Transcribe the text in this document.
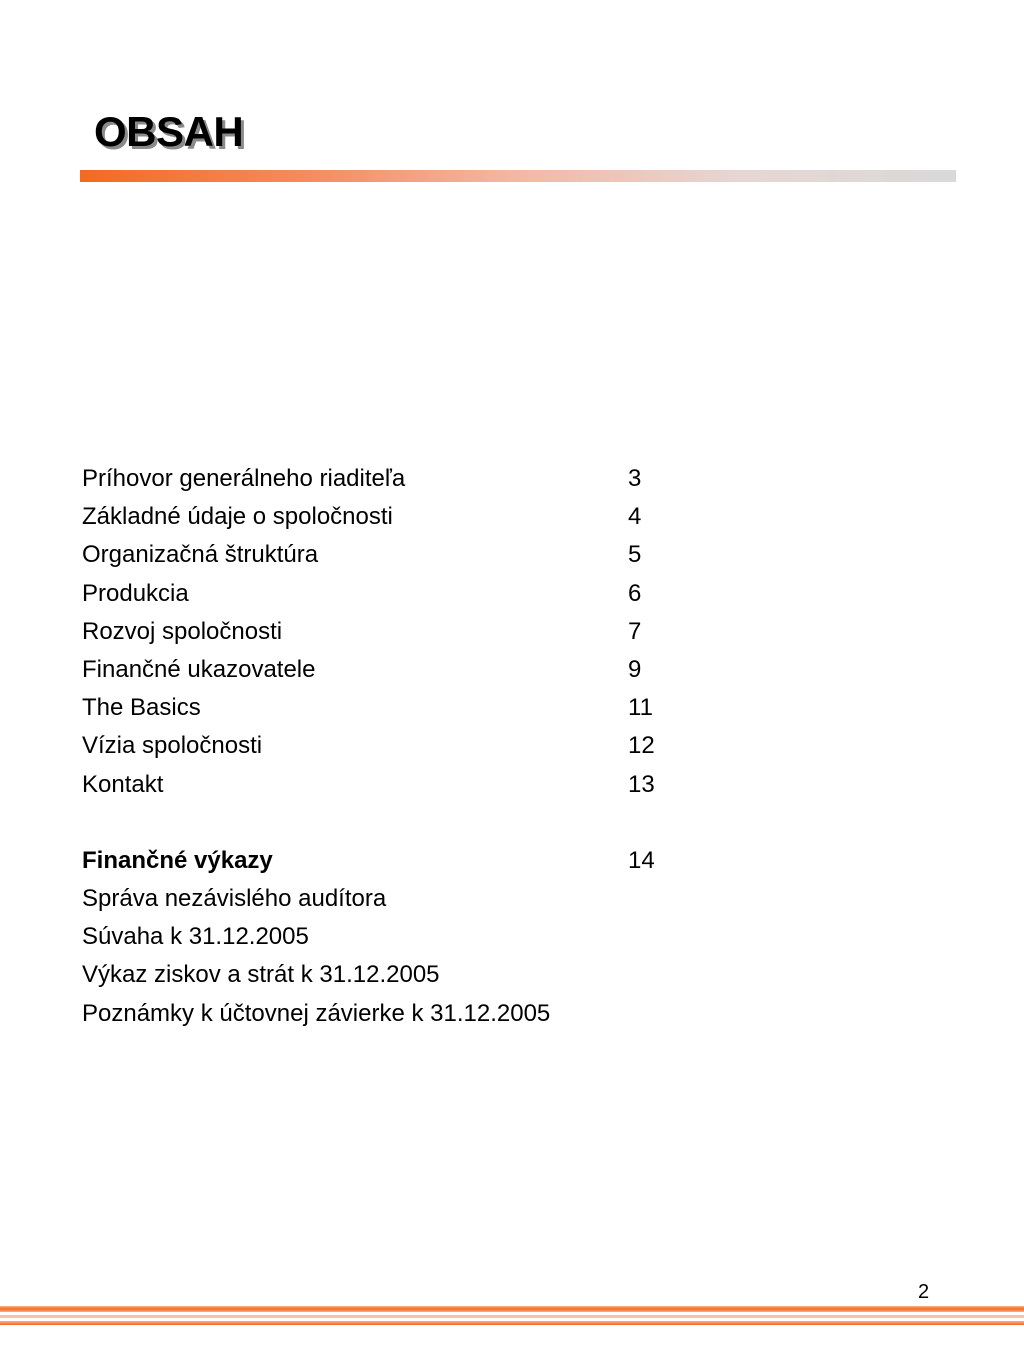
OBSAH
Príhovor generálneho riaditeľa	3
Základné údaje o spoločnosti	4
Organizačná štruktúra	5
Produkcia	6
Rozvoj spoločnosti	7
Finančné ukazovatele	9
The Basics	11
Vízia spoločnosti	12
Kontakt	13
Finančné výkazy	14
Správa nezávislého audítora
Súvaha k 31.12.2005
Výkaz ziskov a strát k 31.12.2005
Poznámky k účtovnej závierke k 31.12.2005
2
